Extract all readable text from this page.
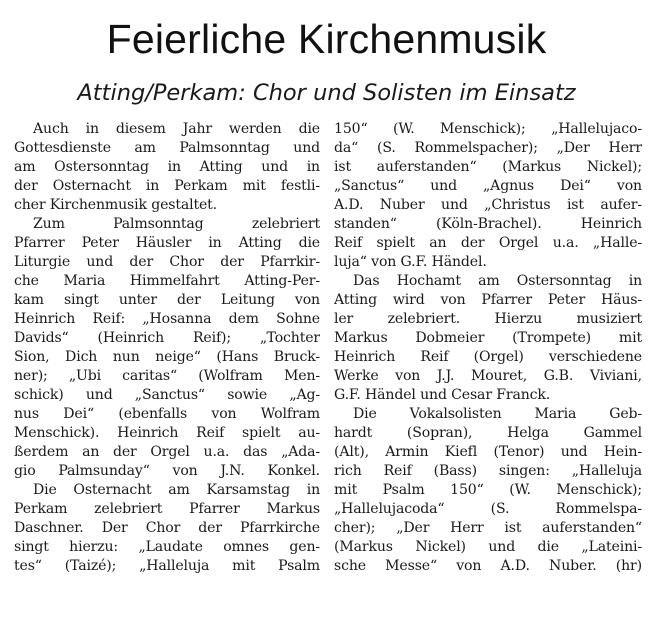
Feierliche Kirchenmusik
Atting/Perkam: Chor und Solisten im Einsatz
Auch in diesem Jahr werden die
Gottesdienste am Palmsonntag und
am Ostersonntag in Atting und in
der Osternacht in Perkam mit festli-
cher Kirchenmusik gestaltet.
Zum Palmsonntag zelebriert
Pfarrer Peter Häusler in Atting die
Liturgie und der Chor der Pfarrkir-
che Maria Himmelfahrt Atting-Per-
kam singt unter der Leitung von
Heinrich Reif: „Hosanna dem Sohne
Davids“ (Heinrich Reif); „Tochter
Sion, Dich nun neige“ (Hans Bruck-
ner); „Ubi caritas“ (Wolfram Men-
schick) und „Sanctus“ sowie „Ag-
nus Dei“ (ebenfalls von Wolfram
Menschick). Heinrich Reif spielt au-
ßerdem an der Orgel u.a. das „Ada-
gio Palmsunday“ von J.N. Konkel.
Die Osternacht am Karsamstag in
Perkam zelebriert Pfarrer Markus
Daschner. Der Chor der Pfarrkirche
singt hierzu: „Laudate omnes gen-
tes“ (Taizé); „Halleluja mit Psalm
150“ (W. Menschick); „Hallelujaco-
da“ (S. Rommelspacher); „Der Herr
ist auferstanden“ (Markus Nickel);
„Sanctus“ und „Agnus Dei“ von
A.D. Nuber und „Christus ist aufer-
standen“ (Köln-Brachel). Heinrich
Reif spielt an der Orgel u.a. „Halle-
luja“ von G.F. Händel.
Das Hochamt am Ostersonntag in
Atting wird von Pfarrer Peter Häus-
ler zelebriert. Hierzu musiziert
Markus Dobmeier (Trompete) mit
Heinrich Reif (Orgel) verschiedene
Werke von J.J. Mouret, G.B. Viviani,
G.F. Händel und Cesar Franck.
Die Vokalsolisten Maria Geb-
hardt (Sopran), Helga Gammel
(Alt), Armin Kiefl (Tenor) und Hein-
rich Reif (Bass) singen: „Halleluja
mit Psalm 150“ (W. Menschick);
„Hallelujacoda“ (S. Rommelspa-
cher); „Der Herr ist auferstanden“
(Markus Nickel) und die „Lateini-
sche Messe“ von A.D. Nuber. (hr)
